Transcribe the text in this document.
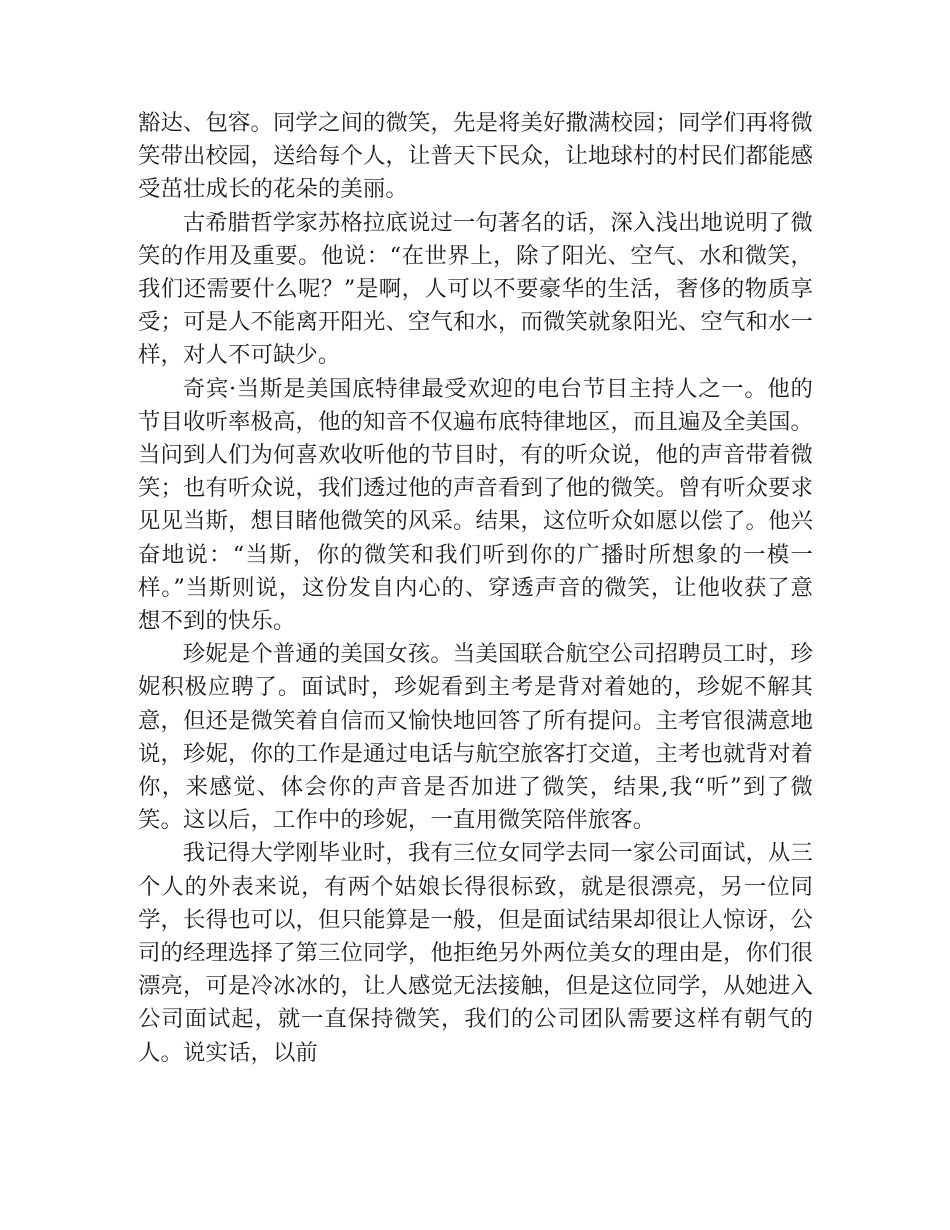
豁达、包容。同学之间的微笑，先是将美好撒满校园；同学们再将微笑带出校园，送给每个人，让普天下民众，让地球村的村民们都能感受茁壮成长的花朵的美丽。

古希腊哲学家苏格拉底说过一句著名的话，深入浅出地说明了微笑的作用及重要。他说：“在世界上，除了阳光、空气、水和微笑，我们还需要什么呢？”是啊，人可以不要豪华的生活，奢侈的物质享受；可是人不能离开阳光、空气和水，而微笑就象阳光、空气和水一样，对人不可缺少。

奇宾·当斯是美国底特律最受欢迎的电台节目主持人之一。他的节目收听率极高，他的知音不仅遍布底特律地区，而且遍及全美国。当问到人们为何喜欢收听他的节目时，有的听众说，他的声音带着微笑；也有听众说，我们透过他的声音看到了他的微笑。曾有听众要求见见当斯，想目睹他微笑的风采。结果，这位听众如愿以偿了。他兴奋地说：“当斯，你的微笑和我们听到你的广播时所想象的一模一样。”当斯则说，这份发自内心的、穿透声音的微笑，让他收获了意想不到的快乐。

珍妮是个普通的美国女孩。当美国联合航空公司招聘员工时，珍妮积极应聘了。面试时，珍妮看到主考是背对着她的，珍妮不解其意，但还是微笑着自信而又愉快地回答了所有提问。主考官很满意地说，珍妮，你的工作是通过电话与航空旅客打交道，主考也就背对着你，来感觉、体会你的声音是否加进了微笑，结果,我“听”到了微笑。这以后，工作中的珍妮，一直用微笑陪伴旅客。

我记得大学刚毕业时，我有三位女同学去同一家公司面试，从三个人的外表来说，有两个姑娘长得很标致，就是很漂亮，另一位同学，长得也可以，但只能算是一般，但是面试结果却很让人惊讶，公司的经理选择了第三位同学，他拒绝另外两位美女的理由是，你们很漂亮，可是冷冰冰的，让人感觉无法接触，但是这位同学，从她进入公司面试起，就一直保持微笑，我们的公司团队需要这样有朝气的人。说实话，以前
